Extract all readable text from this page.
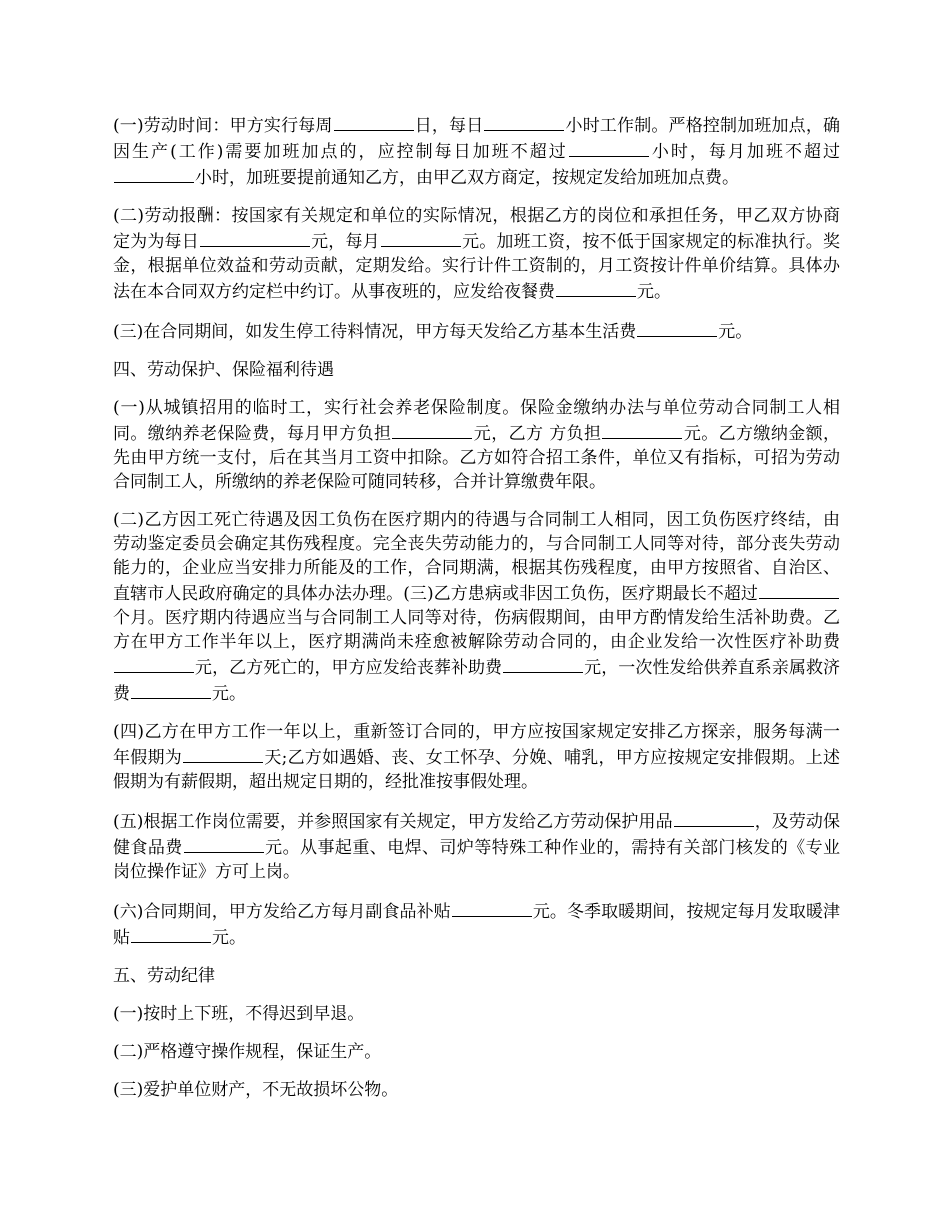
(一)劳动时间：甲方实行每周	日，每日	小时工作制。严格控制加班加点，确因生产(工作)需要加班加点的，应控制每日加班不超过	小时，每月加班不超过小时，加班要提前通知乙方，由甲乙双方商定，按规定发给加班加点费。

(二)劳动报酬：按国家有关规定和单位的实际情况，根据乙方的岗位和承担任务，甲乙双方协商定为为每日	元，每月	元。加班工资，按不低于国家规定的标准执行。奖金，根据单位效益和劳动贡献，定期发给。实行计件工资制的，月工资按计件单价结算。具体办法在本合同双方约定栏中约订。从事夜班的，应发给夜餐费	元。

(三)在合同期间，如发生停工待料情况，甲方每天发给乙方基本生活费	元。

四、劳动保护、保险福利待遇

(一)从城镇招用的临时工，实行社会养老保险制度。保险金缴纳办法与单位劳动合同制工人相同。缴纳养老保险费，每月甲方负担	元，乙方 方负担	元。乙方缴纳金额，先由甲方统一支付，后在其当月工资中扣除。乙方如符合招工条件，单位又有指标，可招为劳动合同制工人，所缴纳的养老保险可随同转移，合并计算缴费年限。

(二)乙方因工死亡待遇及因工负伤在医疗期内的待遇与合同制工人相同，因工负伤医疗终结，由劳动鉴定委员会确定其伤残程度。完全丧失劳动能力的，与合同制工人同等对待，部分丧失劳动能力的，企业应当安排力所能及的工作，合同期满，根据其伤残程度，由甲方按照省、自治区、直辖市人民政府确定的具体办法办理。(三)乙方患病或非因工负伤，医疗期最长不超过个月。医疗期内待遇应当与合同制工人同等对待，伤病假期间，由甲方酌情发给生活补助费。乙方在甲方工作半年以上，医疗期满尚未痊愈被解除劳动合同的，由企业发给一次性医疗补助费元，乙方死亡的，甲方应发给丧葬补助费	元，一次性发给供养直系亲属救济费	元。

(四)乙方在甲方工作一年以上，重新签订合同的，甲方应按国家规定安排乙方探亲，服务每满一年假期为	天;乙方如遇婚、丧、女工怀孕、分娩、哺乳，甲方应按规定安排假期。上述假期为有薪假期，超出规定日期的，经批准按事假处理。

(五)根据工作岗位需要，并参照国家有关规定，甲方发给乙方劳动保护用品	，及劳动保健食品费	元。从事起重、电焊、司炉等特殊工种作业的，需持有关部门核发的《专业岗位操作证》方可上岗。

(六)合同期间，甲方发给乙方每月副食品补贴	元。冬季取暖期间，按规定每月发取暖津贴	元。

五、劳动纪律

(一)按时上下班，不得迟到早退。

(二)严格遵守操作规程，保证生产。

(三)爱护单位财产，不无故损坏公物。
